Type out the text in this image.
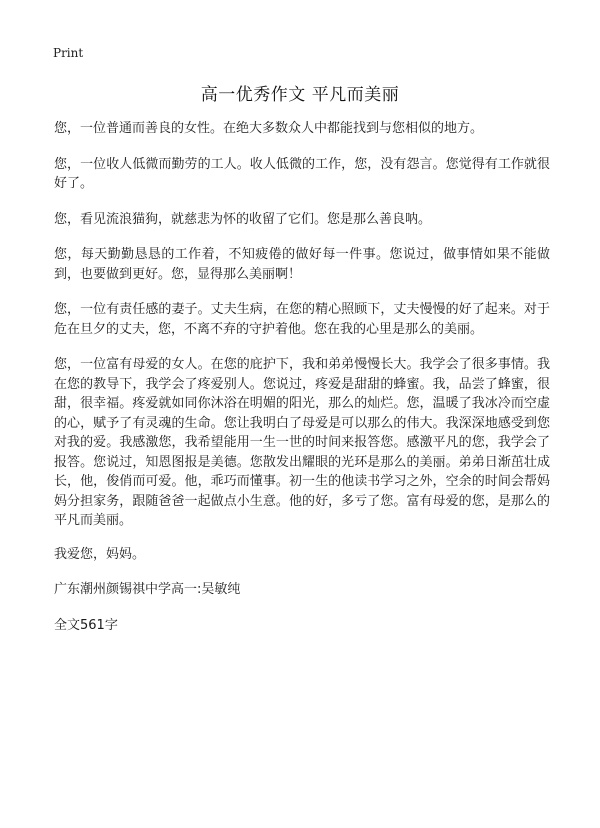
Print
高一优秀作文 平凡而美丽

您，一位普通而善良的女性。在绝大多数众人中都能找到与您相似的地方。

您，一位收人低微而勤劳的工人。收人低微的工作，您，没有怨言。您觉得有工作就很好了。

您，看见流浪猫狗，就慈悲为怀的收留了它们。您是那么善良呐。

您，每天勤勤恳恳的工作着，不知疲倦的做好每一件事。您说过，做事情如果不能做到，也要做到更好。您，显得那么美丽啊！

您，一位有责任感的妻子。丈夫生病，在您的精心照顾下，丈夫慢慢的好了起来。对于危在旦夕的丈夫，您，不离不弃的守护着他。您在我的心里是那么的美丽。

您，一位富有母爱的女人。在您的庇护下，我和弟弟慢慢长大。我学会了很多事情。我在您的教导下，我学会了疼爱别人。您说过，疼爱是甜甜的蜂蜜。我，品尝了蜂蜜，很甜，很幸福。疼爱就如同你沐浴在明媚的阳光，那么的灿烂。您，温暖了我冰冷而空虚的心，赋予了有灵魂的生命。您让我明白了母爱是可以那么的伟大。我深深地感受到您对我的爱。我感激您，我希望能用一生一世的时间来报答您。感激平凡的您，我学会了报答。您说过，知恩图报是美德。您散发出耀眼的光环是那么的美丽。弟弟日渐茁壮成长，他，俊俏而可爱。他，乖巧而懂事。初一生的他读书学习之外，空余的时间会帮妈妈分担家务，跟随爸爸一起做点小生意。他的好，多亏了您。富有母爱的您，是那么的平凡而美丽。

我爱您，妈妈。

广东潮州颜锡祺中学高一:吴敏纯

全文561字
